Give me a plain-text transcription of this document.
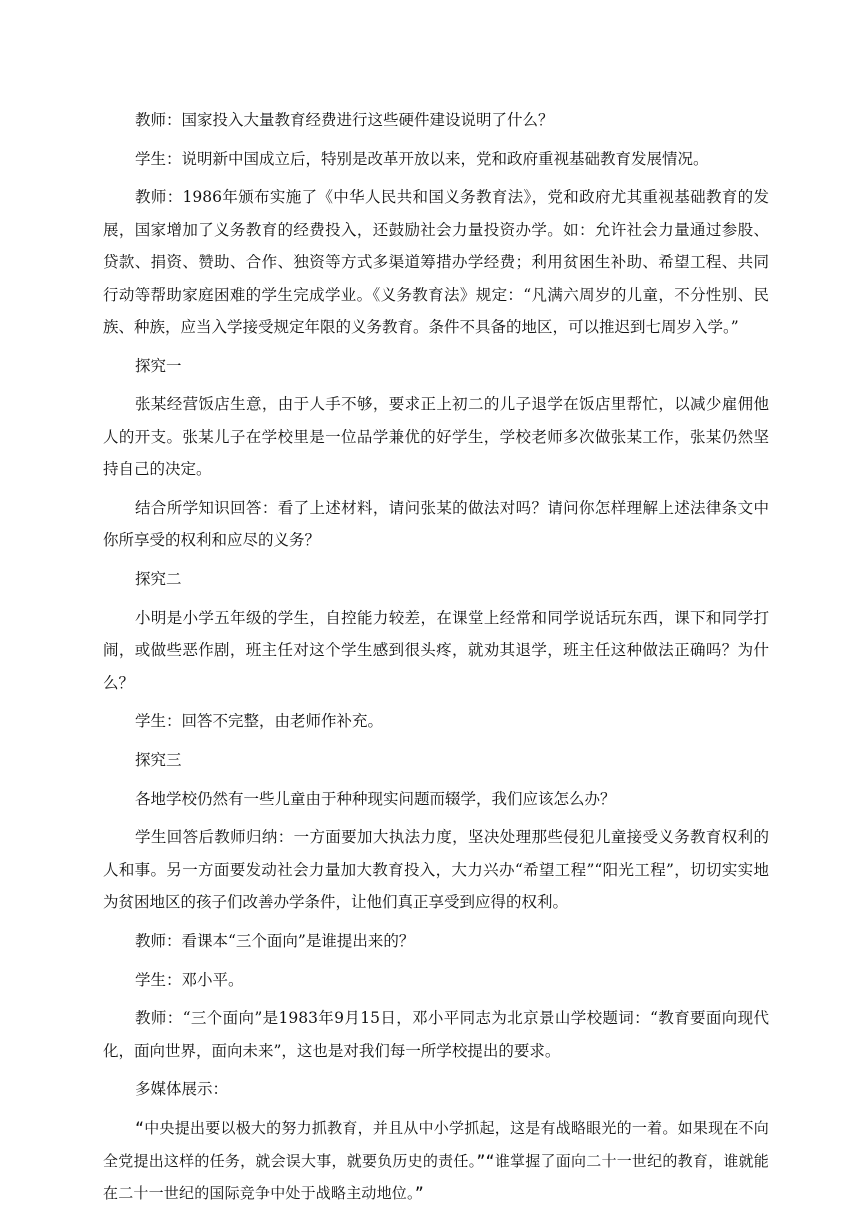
教师：国家投入大量教育经费进行这些硬件建设说明了什么？

学生：说明新中国成立后，特别是改革开放以来，党和政府重视基础教育发展情况。

教师：1986年颁布实施了《中华人民共和国义务教育法》，党和政府尤其重视基础教育的发展，国家增加了义务教育的经费投入，还鼓励社会力量投资办学。如：允许社会力量通过参股、贷款、捐资、赞助、合作、独资等方式多渠道筹措办学经费；利用贫困生补助、希望工程、共同行动等帮助家庭困难的学生完成学业。《义务教育法》规定：“凡满六周岁的儿童，不分性别、民族、种族，应当入学接受规定年限的义务教育。条件不具备的地区，可以推迟到七周岁入学。”

探究一

张某经营饭店生意，由于人手不够，要求正上初二的儿子退学在饭店里帮忙，以减少雇佣他人的开支。张某儿子在学校里是一位品学兼优的好学生，学校老师多次做张某工作，张某仍然坚持自己的决定。

结合所学知识回答：看了上述材料，请问张某的做法对吗？请问你怎样理解上述法律条文中你所享受的权利和应尽的义务？

探究二

小明是小学五年级的学生，自控能力较差，在课堂上经常和同学说话玩东西，课下和同学打闹，或做些恶作剧，班主任对这个学生感到很头疼，就劝其退学，班主任这种做法正确吗？为什么？

学生：回答不完整，由老师作补充。

探究三

各地学校仍然有一些儿童由于种种现实问题而辍学，我们应该怎么办？

学生回答后教师归纳：一方面要加大执法力度，坚决处理那些侵犯儿童接受义务教育权利的人和事。另一方面要发动社会力量加大教育投入，大力兴办“希望工程”“阳光工程”，切切实实地为贫困地区的孩子们改善办学条件，让他们真正享受到应得的权利。

教师：看课本“三个面向”是谁提出来的？

学生：邓小平。

教师：“三个面向”是1983年9月15日，邓小平同志为北京景山学校题词：“教育要面向现代化，面向世界，面向未来”，这也是对我们每一所学校提出的要求。

多媒体展示：

“中央提出要以极大的努力抓教育，并且从中小学抓起，这是有战略眼光的一着。如果现在不向全党提出这样的任务，就会误大事，就要负历史的责任。”“谁掌握了面向二十一世纪的教育，谁就能在二十一世纪的国际竞争中处于战略主动地位。”
